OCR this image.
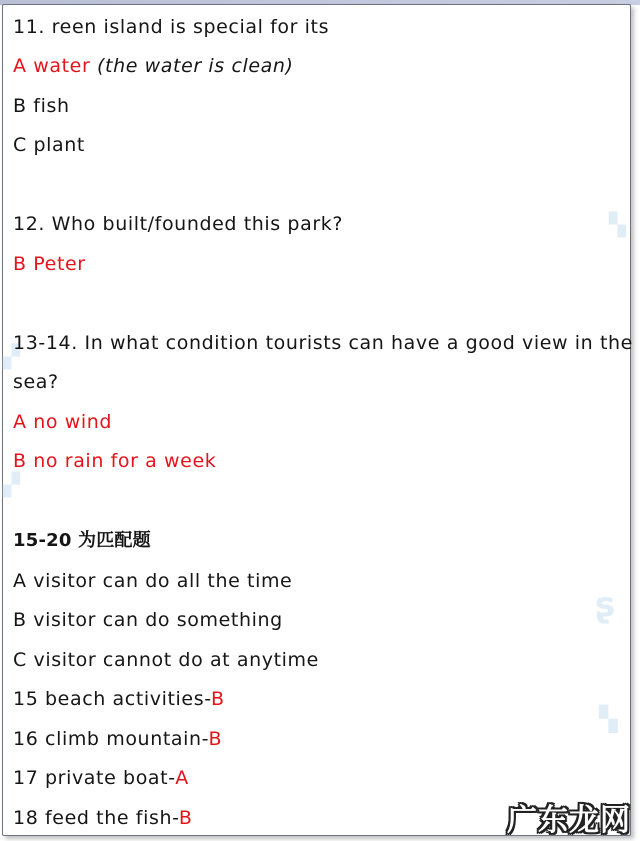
▚
ʂ
▚
▞
▞
11. reen island is special for its
A water (the water is clean)
B fish
C plant
12. Who built/founded this park?
B Peter
13-14. In what condition tourists can have a good view in the
sea?
A no wind
B no rain for a week
15-20 为匹配题
A visitor can do all the time
B visitor can do something
C visitor cannot do at anytime
15 beach activities-B
16 climb mountain-B
17 private boat-A
18 feed the fish-B	广东龙网
